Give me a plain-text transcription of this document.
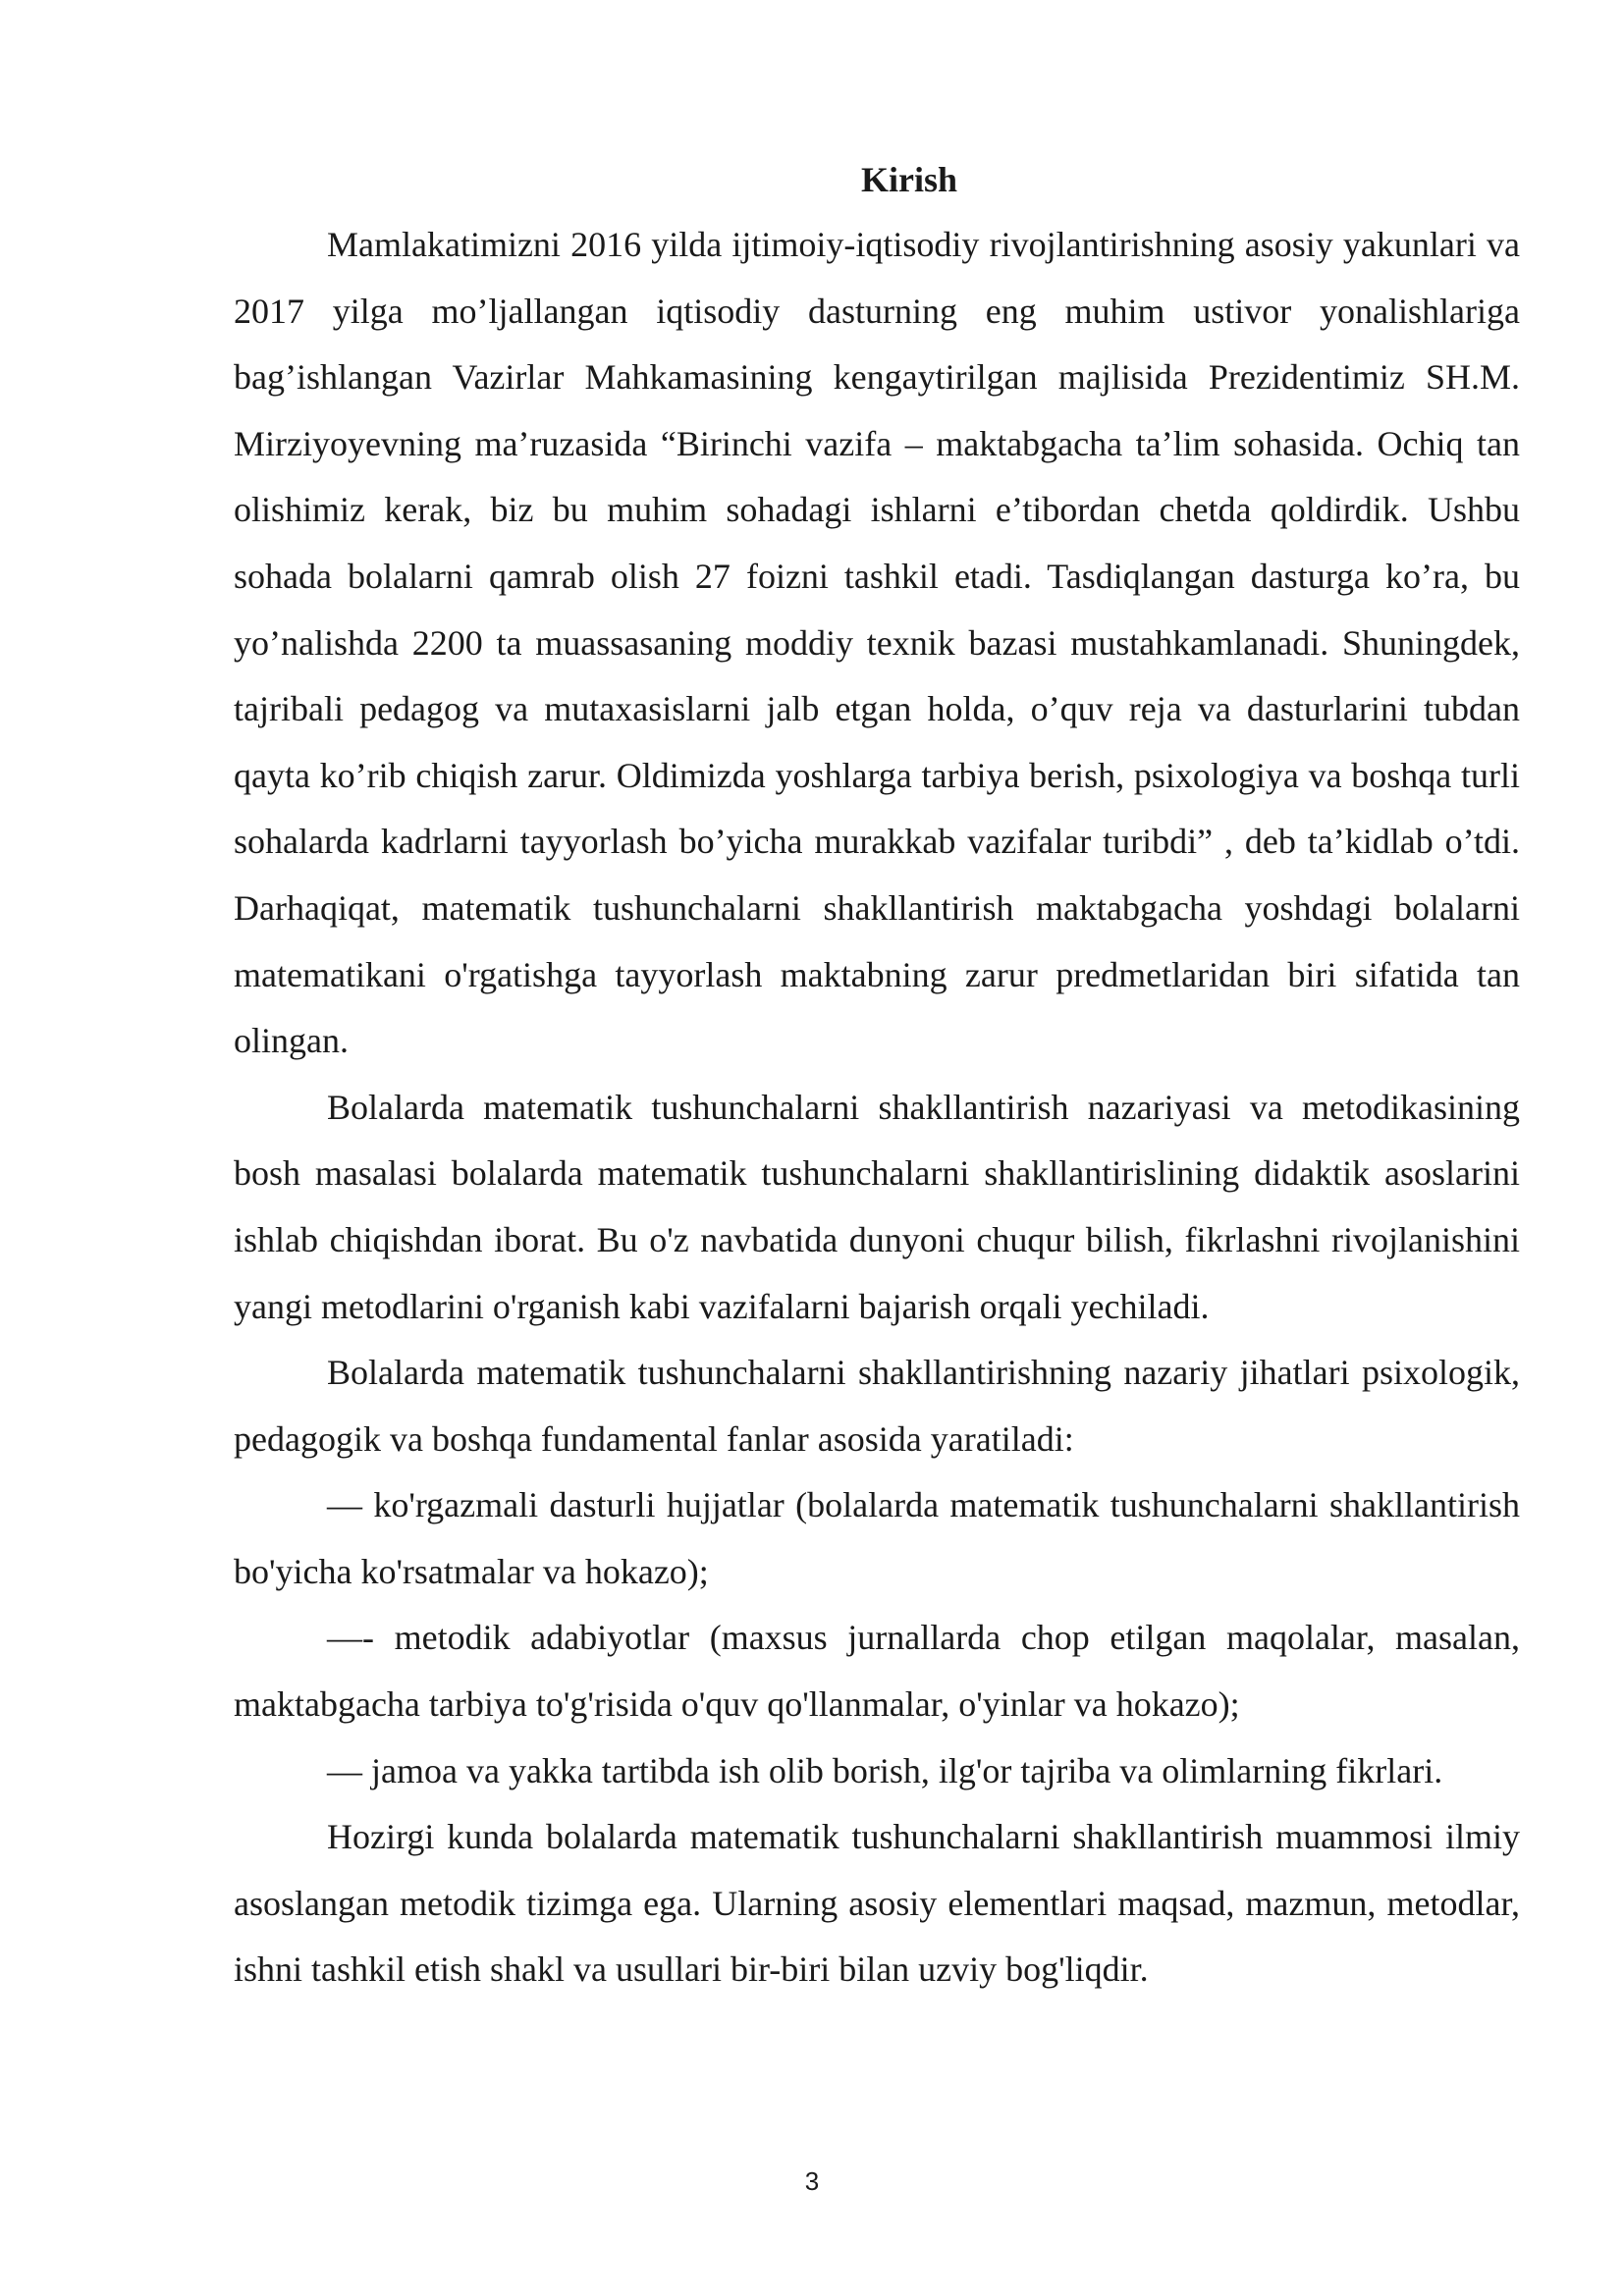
Kirish

Mamlakatimizni 2016 yilda ijtimoiy-iqtisodiy rivojlantirishning asosiy yakunlari va 2017 yilga mo’ljallangan iqtisodiy dasturning eng muhim ustivor yonalishlariga bag’ishlangan Vazirlar Mahkamasining kengaytirilgan majlisida Prezidentimiz SH.M. Mirziyoyevning ma’ruzasida “Birinchi vazifa – maktabgacha ta’lim sohasida. Ochiq tan olishimiz kerak, biz bu muhim sohadagi ishlarni e’tibordan chetda qoldirdik. Ushbu sohada bolalarni qamrab olish 27 foizni tashkil etadi. Tasdiqlangan dasturga ko’ra, bu yo’nalishda 2200 ta muassasaning moddiy texnik bazasi mustahkamlanadi. Shuningdek, tajribali pedagog va mutaxasislarni jalb etgan holda, o’quv reja va dasturlarini tubdan qayta ko’rib chiqish zarur. Oldimizda yoshlarga tarbiya berish, psixologiya va boshqa turli sohalarda kadrlarni tayyorlash bo’yicha murakkab vazifalar turibdi” , deb ta’kidlab o’tdi. Darhaqiqat, matematik tushunchalarni shakllantirish maktabgacha yoshdagi bolalarni matematikani o'rgatishga tayyorlash maktabning zarur predmetlaridan biri sifatida tan olingan.

Bolalarda matematik tushunchalarni shakllantirish nazariyasi va metodikasining bosh masalasi bolalarda matematik tushunchalarni shakllantirislining didaktik asoslarini ishlab chiqishdan iborat. Bu o'z navbatida dunyoni chuqur bilish, fikrlashni rivojlanishini yangi metodlarini o'rganish kabi vazifalarni bajarish orqali yechiladi.

Bolalarda matematik tushunchalarni shakllantirishning nazariy jihatlari psixologik, pedagogik va boshqa fundamental fanlar asosida yaratiladi:

— ko'rgazmali dasturli hujjatlar (bolalarda matematik tushunchalarni shakllantirish bo'yicha ko'rsatmalar va hokazo);

—- metodik adabiyotlar (maxsus jurnallarda chop etilgan maqolalar, masalan, maktabgacha tarbiya to'g'risida o'quv qo'llanmalar, o'yinlar va hokazo);

— jamoa va yakka tartibda ish olib borish, ilg'or tajriba va olimlarning fikrlari.

Hozirgi kunda bolalarda matematik tushunchalarni shakllantirish muammosi ilmiy asoslangan metodik tizimga ega. Ularning asosiy elementlari maqsad, mazmun, metodlar, ishni tashkil etish shakl va usullari bir-biri bilan uzviy bog'liqdir.

3
